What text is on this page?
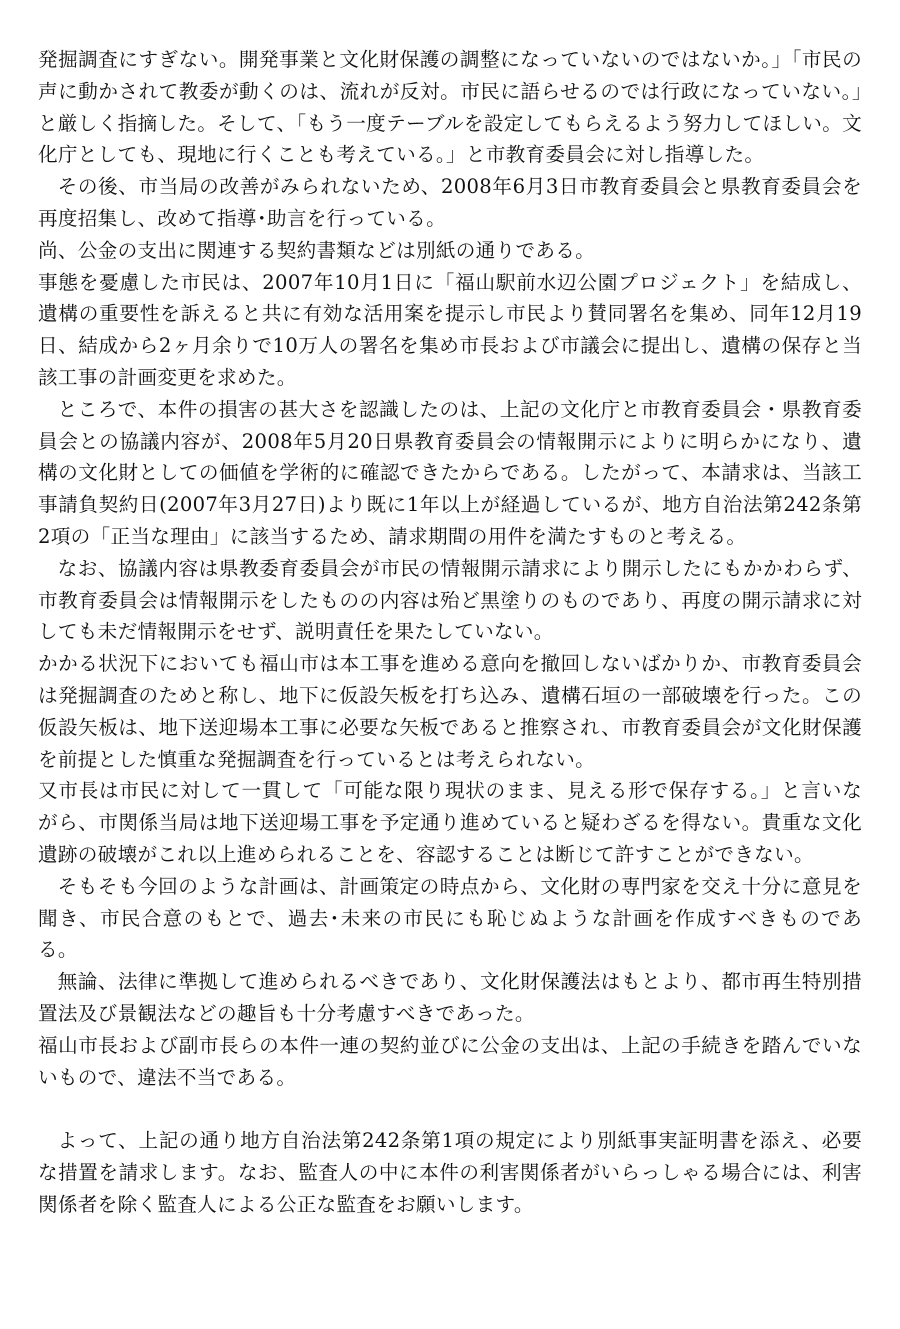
発掘調査にすぎない。開発事業と文化財保護の調整になっていないのではないか。」「市民の声に動かされて教委が動くのは、流れが反対。市民に語らせるのでは行政になっていない。」と厳しく指摘した。そして、「もう一度テーブルを設定してもらえるよう努力してほしい。文化庁としても、現地に行くことも考えている。」と市教育委員会に対し指導した。

その後、市当局の改善がみられないため、2008年6月3日市教育委員会と県教育委員会を再度招集し、改めて指導･助言を行っている。

尚、公金の支出に関連する契約書類などは別紙の通りである。

事態を憂慮した市民は、2007年10月1日に「福山駅前水辺公園プロジェクト」を結成し、遺構の重要性を訴えると共に有効な活用案を提示し市民より賛同署名を集め、同年12月19日、結成から2ヶ月余りで10万人の署名を集め市長および市議会に提出し、遺構の保存と当該工事の計画変更を求めた。

ところで、本件の損害の甚大さを認識したのは、上記の文化庁と市教育委員会・県教育委員会との協議内容が、2008年5月20日県教育委員会の情報開示によりに明らかになり、遺構の文化財としての価値を学術的に確認できたからである。したがって、本請求は、当該工事請負契約日(2007年3月27日)より既に1年以上が経過しているが、地方自治法第242条第2項の「正当な理由」に該当するため、請求期間の用件を満たすものと考える。

なお、協議内容は県教委育委員会が市民の情報開示請求により開示したにもかかわらず、市教育委員会は情報開示をしたものの内容は殆ど黒塗りのものであり、再度の開示請求に対しても未だ情報開示をせず、説明責任を果たしていない。

かかる状況下においても福山市は本工事を進める意向を撤回しないばかりか、市教育委員会は発掘調査のためと称し、地下に仮設矢板を打ち込み、遺構石垣の一部破壊を行った。この仮設矢板は、地下送迎場本工事に必要な矢板であると推察され、市教育委員会が文化財保護を前提とした慎重な発掘調査を行っているとは考えられない。

又市長は市民に対して一貫して「可能な限り現状のまま、見える形で保存する。」と言いながら、市関係当局は地下送迎場工事を予定通り進めていると疑わざるを得ない。貴重な文化遺跡の破壊がこれ以上進められることを、容認することは断じて許すことができない。

そもそも今回のような計画は、計画策定の時点から、文化財の専門家を交え十分に意見を聞き、市民合意のもとで、過去･未来の市民にも恥じぬような計画を作成すべきものである。

無論、法律に準拠して進められるべきであり、文化財保護法はもとより、都市再生特別措置法及び景観法などの趣旨も十分考慮すべきであった。

福山市長および副市長らの本件一連の契約並びに公金の支出は、上記の手続きを踏んでいないもので、違法不当である。

よって、上記の通り地方自治法第242条第1項の規定により別紙事実証明書を添え、必要な措置を請求します。なお、監査人の中に本件の利害関係者がいらっしゃる場合には、利害関係者を除く監査人による公正な監査をお願いします。
